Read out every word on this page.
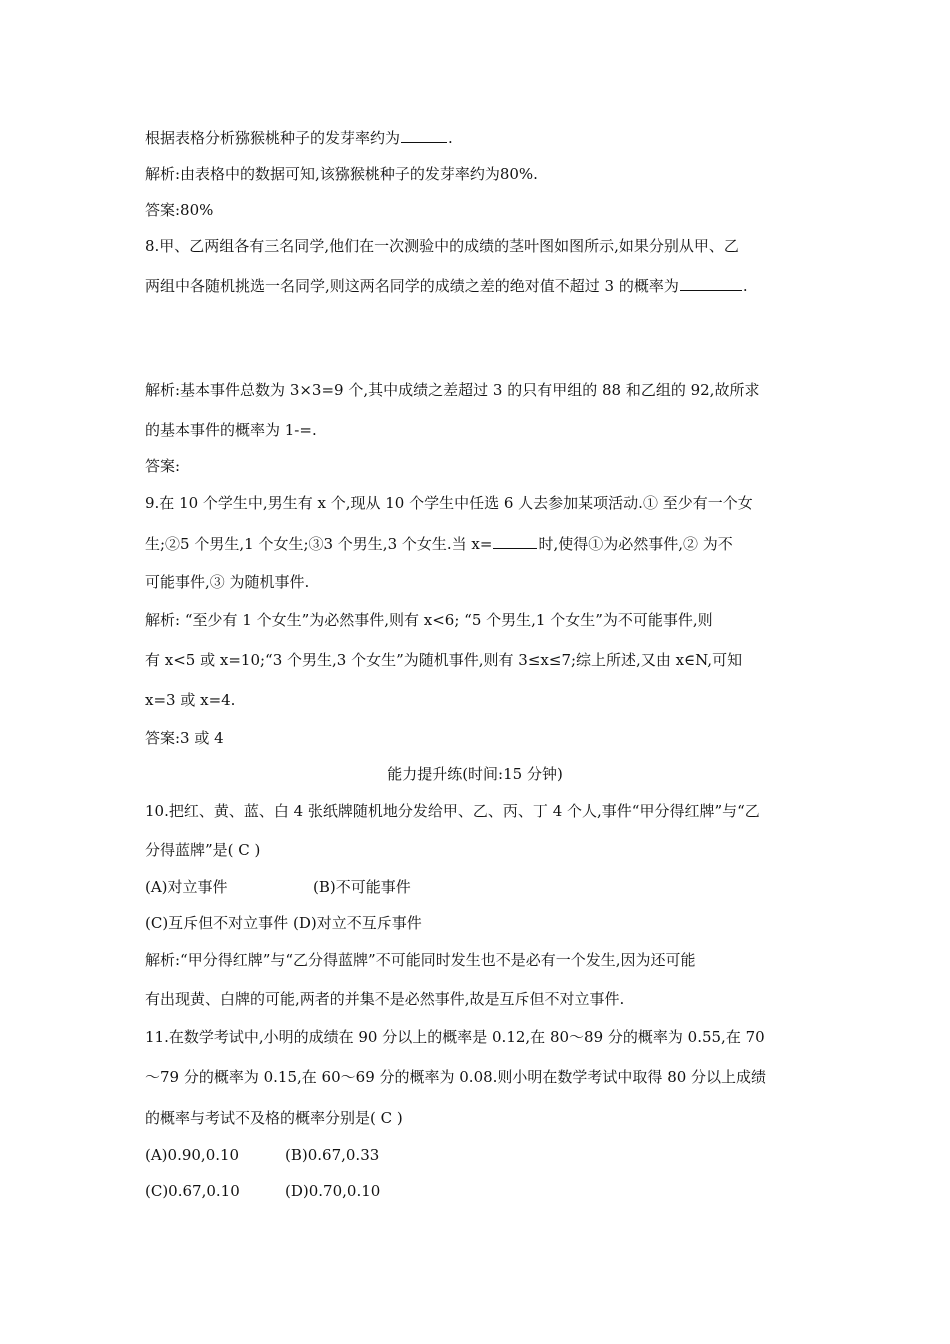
根据表格分析猕猴桃种子的发芽率约为	.
解析:由表格中的数据可知,该猕猴桃种子的发芽率约为80%.
答案:80%
8.甲、乙两组各有三名同学,他们在一次测验中的成绩的茎叶图如图所示,如果分别从甲、乙
两组中各随机挑选一名同学,则这两名同学的成绩之差的绝对值不超过 3 的概率为	.
解析:基本事件总数为 3×3=9 个,其中成绩之差超过 3 的只有甲组的 88 和乙组的 92,故所求
的基本事件的概率为 1-=.
答案:
9.在 10 个学生中,男生有 x 个,现从 10 个学生中任选 6 人去参加某项活动.① 至少有一个女
生;②5 个男生,1 个女生;③3 个男生,3 个女生.当 x=	时,使得①为必然事件,② 为不
可能事件,③ 为随机事件.
解析: “至少有 1 个女生”为必然事件,则有 x<6; “5 个男生,1 个女生”为不可能事件,则
有 x<5 或 x=10;“3 个男生,3 个女生”为随机事件,则有 3≤x≤7;综上所述,又由 x∈N,可知
x=3 或 x=4.
答案:3 或 4
能力提升练(时间:15 分钟)
10.把红、黄、蓝、白 4 张纸牌随机地分发给甲、乙、丙、丁 4 个人,事件“甲分得红牌”与“乙
分得蓝牌”是( C )
(A)对立事件	(B)不可能事件
(C)互斥但不对立事件 (D)对立不互斥事件
解析:“甲分得红牌”与“乙分得蓝牌”不可能同时发生也不是必有一个发生,因为还可能
有出现黄、白牌的可能,两者的并集不是必然事件,故是互斥但不对立事件.
11.在数学考试中,小明的成绩在 90 分以上的概率是 0.12,在 80～89 分的概率为 0.55,在 70
～79 分的概率为 0.15,在 60～69 分的概率为 0.08.则小明在数学考试中取得 80 分以上成绩
的概率与考试不及格的概率分别是( C )
(A)0.90,0.10	(B)0.67,0.33
(C)0.67,0.10	(D)0.70,0.10
